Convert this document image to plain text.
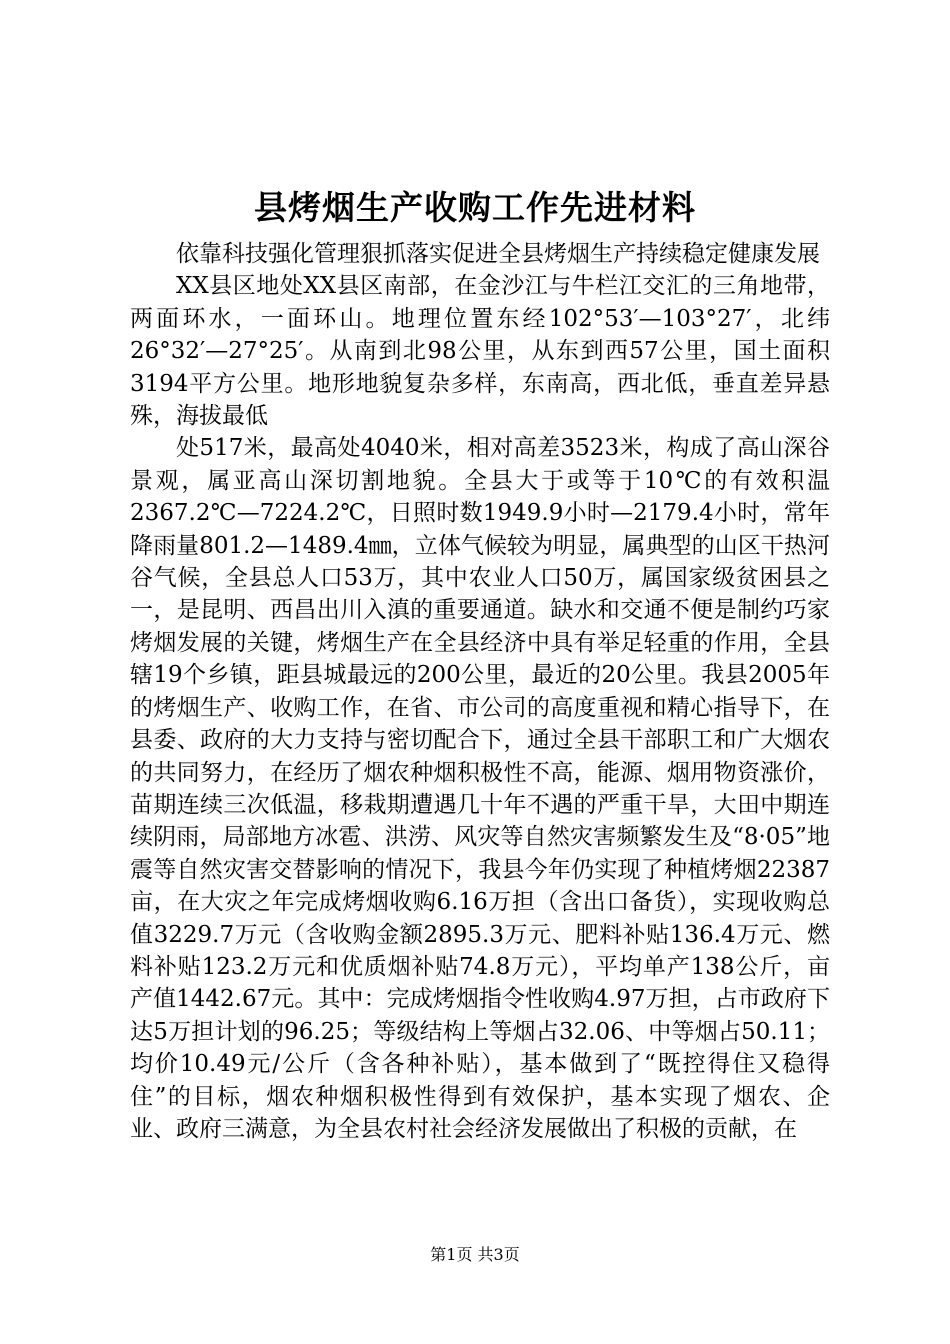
县烤烟生产收购工作先进材料

依靠科技强化管理狠抓落实促进全县烤烟生产持续稳定健康发展

XX县区地处XX县区南部，在金沙江与牛栏江交汇的三角地带，两面环水，一面环山。地理位置东经102°53′—103°27′，北纬26°32′—27°25′。从南到北98公里，从东到西57公里，国土面积3194平方公里。地形地貌复杂多样，东南高，西北低，垂直差异悬殊，海拔最低

处517米，最高处4040米，相对高差3523米，构成了高山深谷景观，属亚高山深切割地貌。全县大于或等于10℃的有效积温2367.2℃—7224.2℃，日照时数1949.9小时—2179.4小时，常年降雨量801.2—1489.4㎜，立体气候较为明显，属典型的山区干热河谷气候，全县总人口53万，其中农业人口50万，属国家级贫困县之一，是昆明、西昌出川入滇的重要通道。缺水和交通不便是制约巧家烤烟发展的关键，烤烟生产在全县经济中具有举足轻重的作用，全县辖19个乡镇，距县城最远的200公里，最近的20公里。我县2005年的烤烟生产、收购工作，在省、市公司的高度重视和精心指导下，在县委、政府的大力支持与密切配合下，通过全县干部职工和广大烟农的共同努力，在经历了烟农种烟积极性不高，能源、烟用物资涨价，苗期连续三次低温，移栽期遭遇几十年不遇的严重干旱，大田中期连续阴雨，局部地方冰雹、洪涝、风灾等自然灾害频繁发生及“8·05”地震等自然灾害交替影响的情况下，我县今年仍实现了种植烤烟22387亩，在大灾之年完成烤烟收购6.16万担（含出口备货），实现收购总值3229.7万元（含收购金额2895.3万元、肥料补贴136.4万元、燃料补贴123.2万元和优质烟补贴74.8万元），平均单产138公斤，亩产值1442.67元。其中：完成烤烟指令性收购4.97万担，占市政府下达5万担计划的96.25；等级结构上等烟占32.06、中等烟占50.11；均价10.49元/公斤（含各种补贴），基本做到了“既控得住又稳得住”的目标，烟农种烟积极性得到有效保护，基本实现了烟农、企业、政府三满意，为全县农村社会经济发展做出了积极的贡献，在

第1页 共3页
